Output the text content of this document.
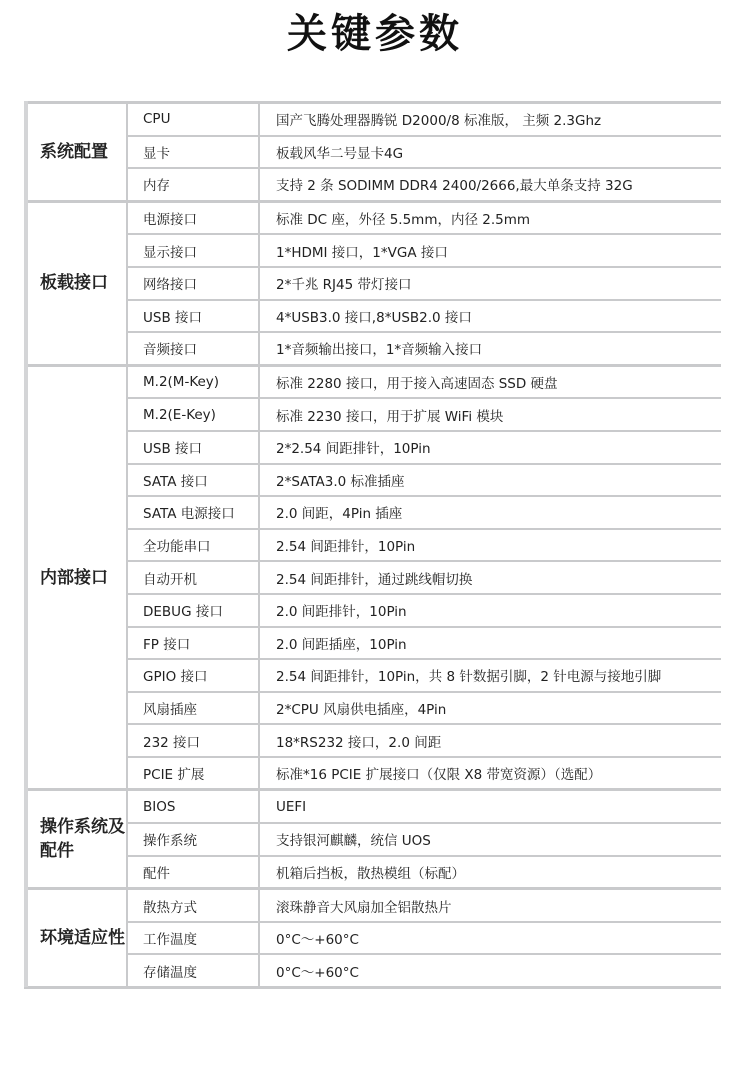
关键参数
系统配置	CPU	国产飞腾处理器腾锐 D2000/8 标准版， 主频 2.3Ghz
	显卡	板载风华二号显卡4G
	内存	支持 2 条 SODIMM DDR4 2400/2666,最大单条支持 32G
板载接口	电源接口	标准 DC 座，外径 5.5mm，内径 2.5mm
	显示接口	1*HDMI 接口，1*VGA 接口
	网络接口	2*千兆 RJ45 带灯接口
	USB 接口	4*USB3.0 接口,8*USB2.0 接口
	音频接口	1*音频输出接口，1*音频输入接口
内部接口	M.2(M-Key)	标准 2280 接口，用于接入高速固态 SSD 硬盘
	M.2(E-Key)	标准 2230 接口，用于扩展 WiFi 模块
	USB 接口	2*2.54 间距排针，10Pin
	SATA 接口	2*SATA3.0 标准插座
	SATA 电源接口	2.0 间距，4Pin 插座
	全功能串口	2.54 间距排针，10Pin
	自动开机	2.54 间距排针，通过跳线帽切换
	DEBUG 接口	2.0 间距排针，10Pin
	FP 接口	2.0 间距插座，10Pin
	GPIO 接口	2.54 间距排针，10Pin，共 8 针数据引脚，2 针电源与接地引脚
	风扇插座	2*CPU 风扇供电插座，4Pin
	232 接口	18*RS232 接口，2.0 间距
	PCIE 扩展	标准*16 PCIE 扩展接口（仅限 X8 带宽资源）（选配）
操作系统及配件	BIOS	UEFI
	操作系统	支持银河麒麟，统信 UOS
	配件	机箱后挡板，散热模组（标配）
环境适应性	散热方式	滚珠静音大风扇加全铝散热片
	工作温度	0°C～+60°C
	存储温度	0°C～+60°C
